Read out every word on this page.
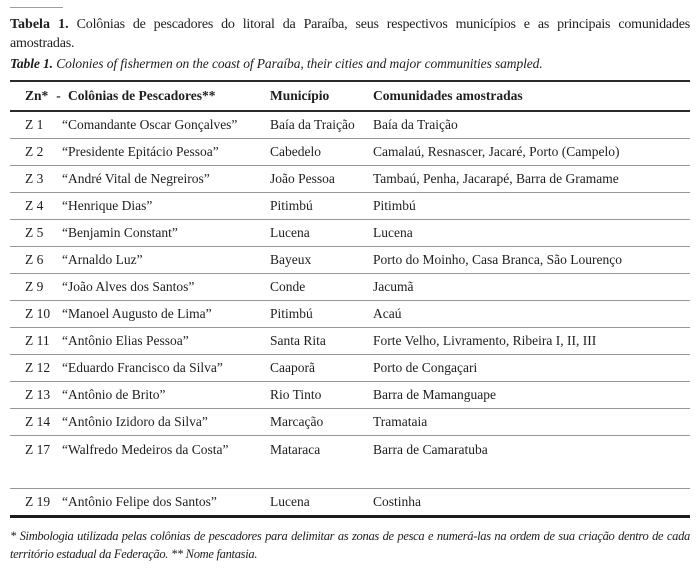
Tabela 1. Colônias de pescadores do litoral da Paraíba, seus respectivos municípios e as principais comunidades amostradas.

Table 1. Colonies of fishermen on the coast of Paraíba, their cities and major communities sampled.

Zn* - Colônias de Pescadores**		Município	Comunidades amostradas
Z 1	“Comandante Oscar Gonçalves”	Baía da Traição	Baía da Traição
Z 2	“Presidente Epitácio Pessoa”	Cabedelo	Camalaú, Resnascer, Jacaré, Porto (Campelo)
Z 3	“André Vital de Negreiros”	João Pessoa	Tambaú, Penha, Jacarapé, Barra de Gramame
Z 4	“Henrique Dias”	Pitimbú	Pitimbú
Z 5	“Benjamin Constant”	Lucena	Lucena
Z 6	“Arnaldo Luz”	Bayeux	Porto do Moinho, Casa Branca, São Lourenço
Z 9	“João Alves dos Santos”	Conde	Jacumã
Z 10	“Manoel Augusto de Lima”	Pitimbú	Acaú
Z 11	“Antônio Elias Pessoa”	Santa Rita	Forte Velho, Livramento, Ribeira I, II, III
Z 12	“Eduardo Francisco da Silva”	Caaporã	Porto de Congaçari
Z 13	“Antônio de Brito”	Rio Tinto	Barra de Mamanguape
Z 14	“Antônio Izidoro da Silva”	Marcação	Tramataia
Z 17	“Walfredo Medeiros da Costa”	Mataraca	Barra de Camaratuba
Z 19	“Antônio Felipe dos Santos”	Lucena	Costinha

* Simbologia utilizada pelas colônias de pescadores para delimitar as zonas de pesca e numerá-las na ordem de sua criação dentro de cada território estadual da Federação. ** Nome fantasia.
